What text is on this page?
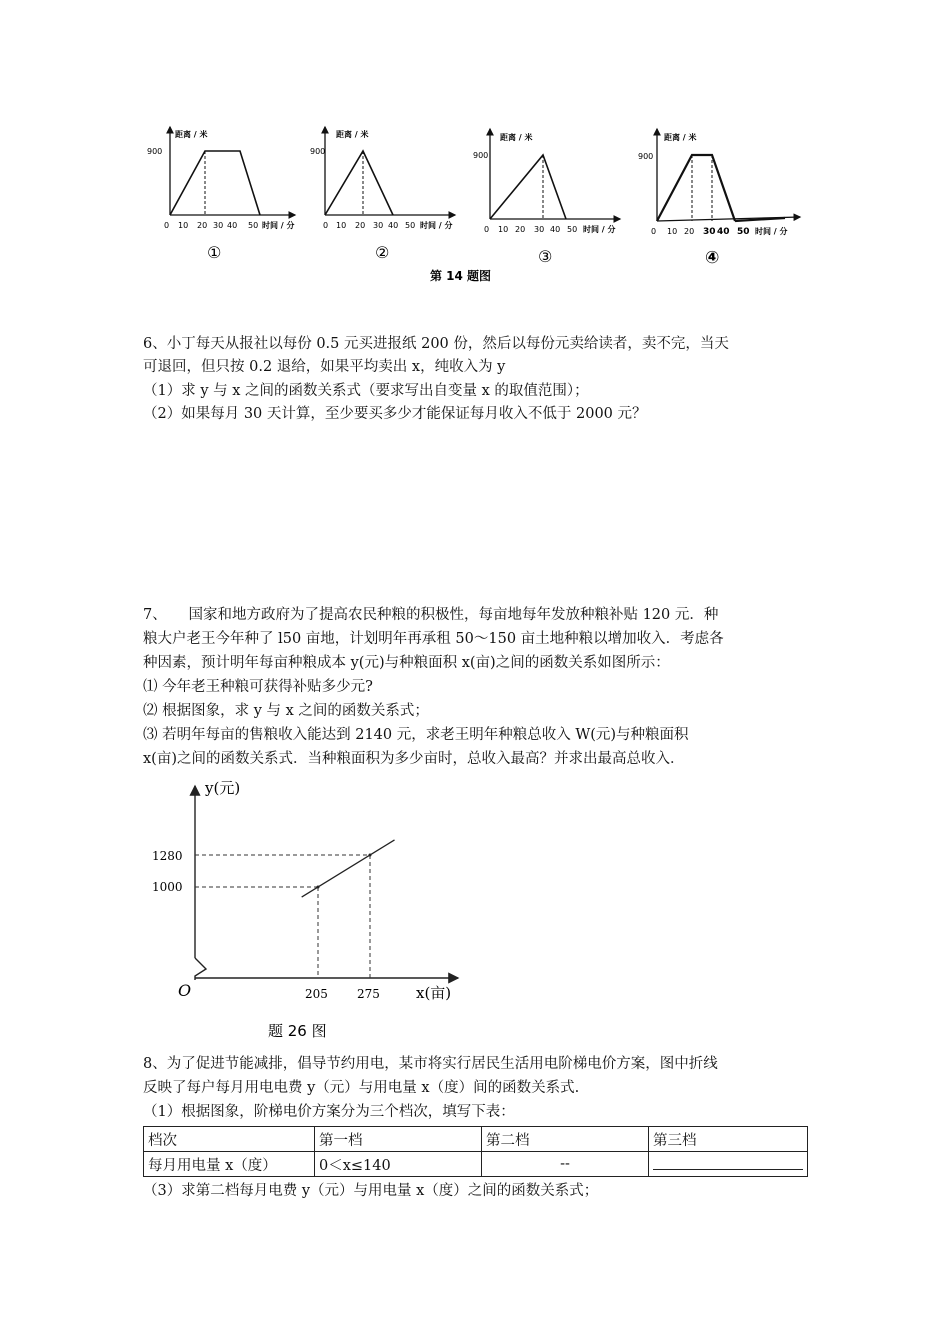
距离 / 米
900
0 10 20 30 40 50 时间 / 分
①
距离 / 米
900
0 10 20 30 40 50 时间 / 分
②
距离 / 米
900
0 10 20 30 40 50 时间 / 分
③
距离 / 米
900
0 10 20 30 40 50 时间 / 分
④
第 14 题图
6、小丁每天从报社以每份 0.5 元买进报纸 200 份，然后以每份元卖给读者，卖不完，当天
可退回，但只按 0.2 退给，如果平均卖出 x，纯收入为 y
（1）求 y 与 x 之间的函数关系式（要求写出自变量 x 的取值范围）；
（2）如果每月 30 天计算，至少要买多少才能保证每月收入不低于 2000 元？
7、　　国家和地方政府为了提高农民种粮的积极性，每亩地每年发放种粮补贴 120 元．种
粮大户老王今年种了 l50 亩地，计划明年再承租 50～150 亩土地种粮以增加收入．考虑各
种因素，预计明年每亩种粮成本 y(元)与种粮面积 x(亩)之间的函数关系如图所示：
⑴ 今年老王种粮可获得补贴多少元?
⑵ 根据图象，求 y 与 x 之间的函数关系式；
⑶ 若明年每亩的售粮收入能达到 2140 元，求老王明年种粮总收入 W(元)与种粮面积
x(亩)之间的函数关系式．当种粮面积为多少亩时，总收入最高？并求出最高总收入．
y(元)
1280
1000
O	205 275 x(亩)
题 26 图
8、为了促进节能减排，倡导节约用电，某市将实行居民生活用电阶梯电价方案，图中折线
反映了每户每月用电电费 y（元）与用电量 x（度）间的函数关系式.
（1）根据图象，阶梯电价方案分为三个档次，填写下表：
档次	第一档	第二档	第三档
每月用电量 x（度）	0＜x≤140	--	
（3）求第二档每月电费 y（元）与用电量 x（度）之间的函数关系式；
